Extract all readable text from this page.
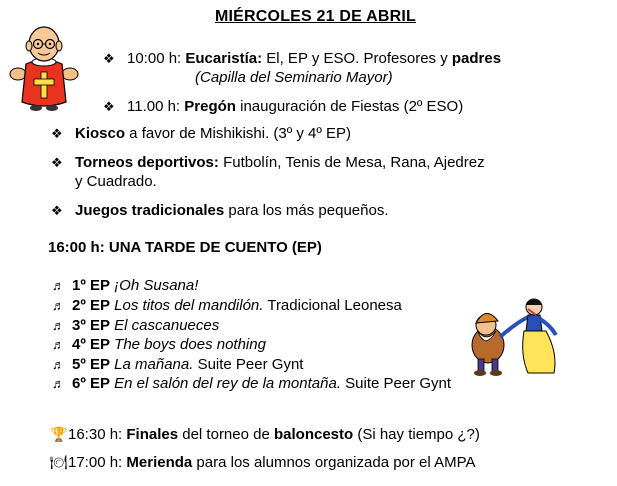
MIÉRCOLES 21 DE ABRIL
❖ 10:00 h: Eucaristía: El, EP y ESO. Profesores y padres
(Capilla del Seminario Mayor)
❖ 11.00 h: Pregón inauguración de Fiestas (2º ESO)
❖ Kiosco a favor de Mishikishi. (3º y 4º EP)
❖ Torneos deportivos: Futbolín, Tenis de Mesa, Rana, Ajedrez
y Cuadrado.
❖ Juegos tradicionales para los más pequeños.
16:00 h: UNA TARDE DE CUENTO (EP)
♬ 1º EP ¡Oh Susana!
♬ 2º EP Los titos del mandilón. Tradicional Leonesa
♬ 3º EP El cascanueces
♬ 4º EP The boys does nothing
♬ 5º EP La mañana. Suite Peer Gynt
♬ 6º EP En el salón del rey de la montaña. Suite Peer Gynt
🏆16:30 h: Finales del torneo de baloncesto (Si hay tiempo ¿?)
🍽17:00 h: Merienda para los alumnos organizada por el AMPA
